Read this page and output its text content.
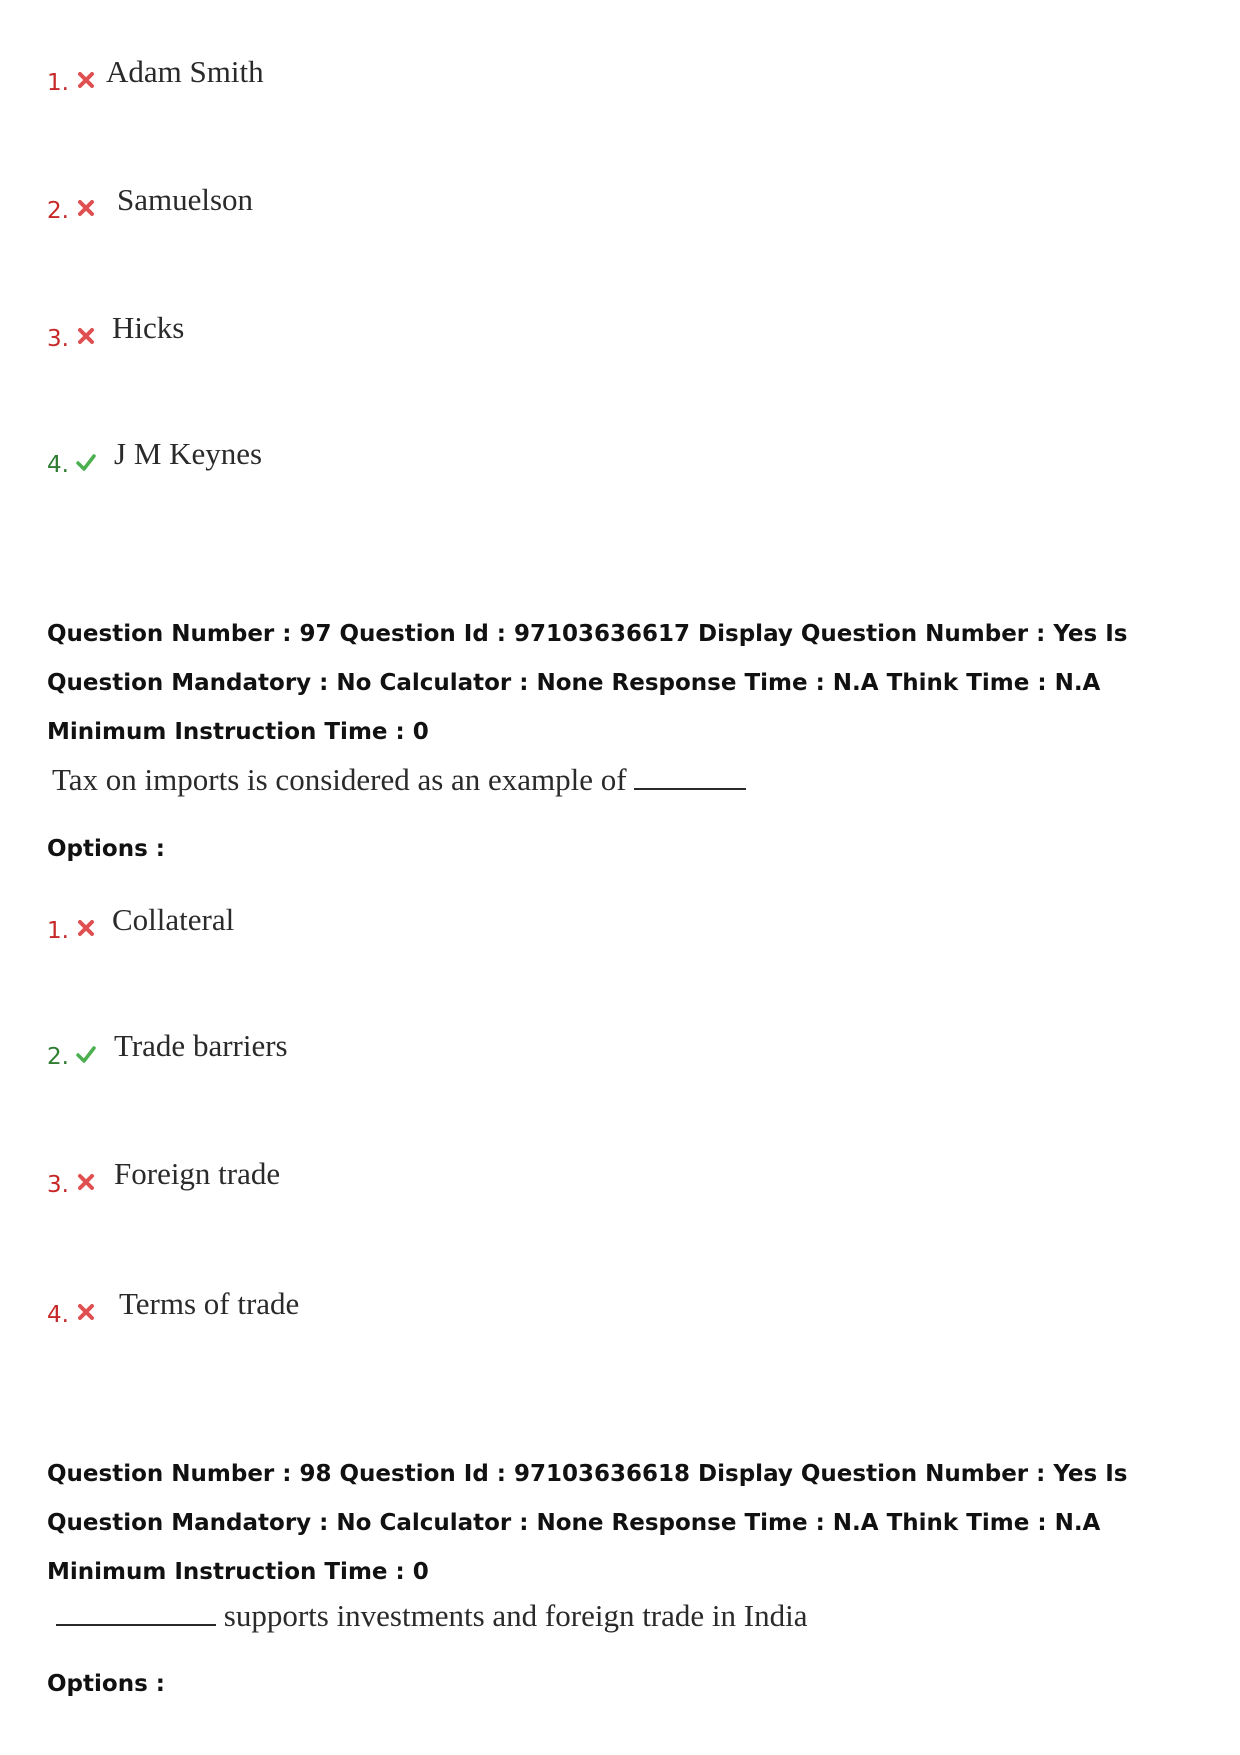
1. Adam Smith
2. Samuelson
3. Hicks
4. J M Keynes

Question Number : 97 Question Id : 97103636617 Display Question Number : Yes Is Question Mandatory : No Calculator : None Response Time : N.A Think Time : N.A Minimum Instruction Time : 0

Tax on imports is considered as an example of
Options :
1. Collateral
2. Trade barriers
3. Foreign trade
4. Terms of trade

Question Number : 98 Question Id : 97103636618 Display Question Number : Yes Is Question Mandatory : No Calculator : None Response Time : N.A Think Time : N.A Minimum Instruction Time : 0

supports investments and foreign trade in India
Options :
